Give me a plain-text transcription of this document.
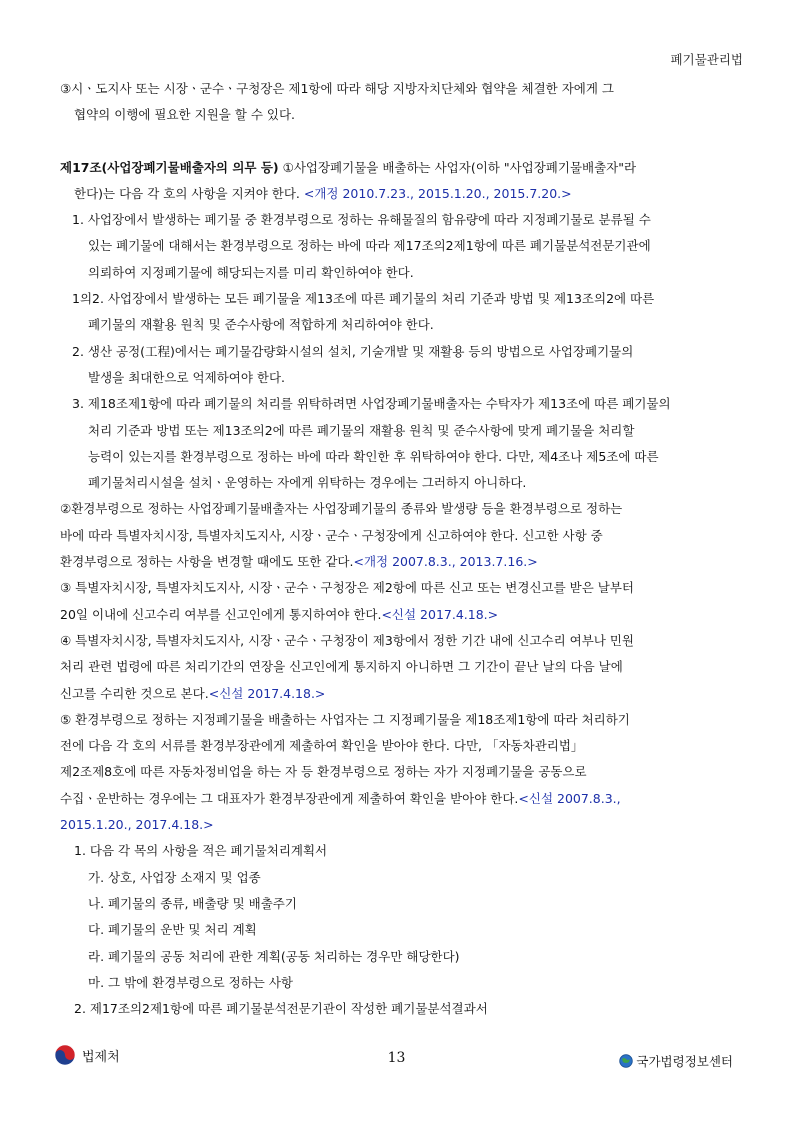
폐기물관리법

③시ㆍ도지사 또는 시장ㆍ군수ㆍ구청장은 제1항에 따라 해당 지방자치단체와 협약을 체결한 자에게 그

협약의 이행에 필요한 지원을 할 수 있다.

제17조(사업장폐기물배출자의 의무 등) ①사업장폐기물을 배출하는 사업자(이하 "사업장폐기물배출자"라

한다)는 다음 각 호의 사항을 지켜야 한다. <개정 2010.7.23., 2015.1.20., 2015.7.20.>

1. 사업장에서 발생하는 폐기물 중 환경부령으로 정하는 유해물질의 함유량에 따라 지정폐기물로 분류될 수

있는 폐기물에 대해서는 환경부령으로 정하는 바에 따라 제17조의2제1항에 따른 폐기물분석전문기관에

의뢰하여 지정폐기물에 해당되는지를 미리 확인하여야 한다.

1의2. 사업장에서 발생하는 모든 폐기물을 제13조에 따른 폐기물의 처리 기준과 방법 및 제13조의2에 따른

폐기물의 재활용 원칙 및 준수사항에 적합하게 처리하여야 한다.

2. 생산 공정(工程)에서는 폐기물감량화시설의 설치, 기술개발 및 재활용 등의 방법으로 사업장폐기물의

발생을 최대한으로 억제하여야 한다.

3. 제18조제1항에 따라 폐기물의 처리를 위탁하려면 사업장폐기물배출자는 수탁자가 제13조에 따른 폐기물의

처리 기준과 방법 또는 제13조의2에 따른 폐기물의 재활용 원칙 및 준수사항에 맞게 폐기물을 처리할

능력이 있는지를 환경부령으로 정하는 바에 따라 확인한 후 위탁하여야 한다. 다만, 제4조나 제5조에 따른

폐기물처리시설을 설치ㆍ운영하는 자에게 위탁하는 경우에는 그러하지 아니하다.

②환경부령으로 정하는 사업장폐기물배출자는 사업장폐기물의 종류와 발생량 등을 환경부령으로 정하는

바에 따라 특별자치시장, 특별자치도지사, 시장ㆍ군수ㆍ구청장에게 신고하여야 한다. 신고한 사항 중

환경부령으로 정하는 사항을 변경할 때에도 또한 같다.<개정 2007.8.3., 2013.7.16.>

③ 특별자치시장, 특별자치도지사, 시장ㆍ군수ㆍ구청장은 제2항에 따른 신고 또는 변경신고를 받은 날부터

20일 이내에 신고수리 여부를 신고인에게 통지하여야 한다.<신설 2017.4.18.>

④ 특별자치시장, 특별자치도지사, 시장ㆍ군수ㆍ구청장이 제3항에서 정한 기간 내에 신고수리 여부나 민원

처리 관련 법령에 따른 처리기간의 연장을 신고인에게 통지하지 아니하면 그 기간이 끝난 날의 다음 날에

신고를 수리한 것으로 본다.<신설 2017.4.18.>

⑤ 환경부령으로 정하는 지정폐기물을 배출하는 사업자는 그 지정폐기물을 제18조제1항에 따라 처리하기

전에 다음 각 호의 서류를 환경부장관에게 제출하여 확인을 받아야 한다. 다만, 「자동차관리법」

제2조제8호에 따른 자동차정비업을 하는 자 등 환경부령으로 정하는 자가 지정폐기물을 공동으로

수집ㆍ운반하는 경우에는 그 대표자가 환경부장관에게 제출하여 확인을 받아야 한다.<신설 2007.8.3.,

2015.1.20., 2017.4.18.>

1. 다음 각 목의 사항을 적은 폐기물처리계획서

가. 상호, 사업장 소재지 및 업종

나. 폐기물의 종류, 배출량 및 배출주기

다. 폐기물의 운반 및 처리 계획

라. 폐기물의 공동 처리에 관한 계획(공동 처리하는 경우만 해당한다)

마. 그 밖에 환경부령으로 정하는 사항

2. 제17조의2제1항에 따른 폐기물분석전문기관이 작성한 폐기물분석결과서

법제처	13	국가법령정보센터
